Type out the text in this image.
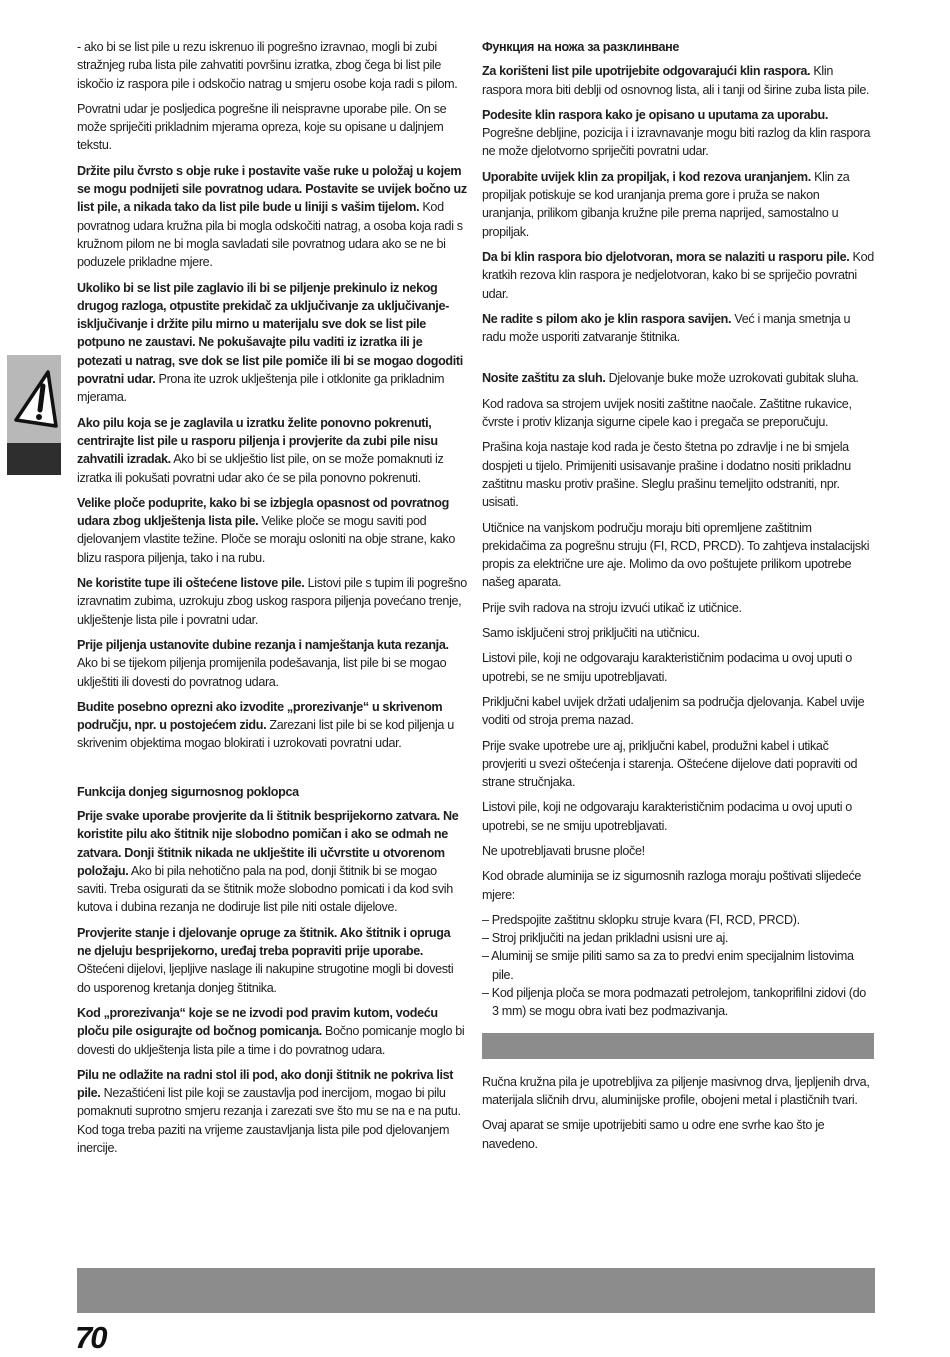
- ako bi se list pile u rezu iskrenuo ili pogrešno izravnao, mogli bi zubi stražnjeg ruba lista pile zahvatiti površinu izratka, zbog čega bi list pile iskočio iz raspora pile i odskočio natrag u smjeru osobe koja radi s pilom.

Povratni udar je posljedica pogrešne ili neispravne uporabe pile. On se može spriječiti prikladnim mjerama opreza, koje su opisane u daljnjem tekstu.

Držite pilu čvrsto s obje ruke i postavite vaše ruke u položaj u kojem se mogu podnijeti sile povratnog udara. Postavite se uvijek bočno uz list pile, a nikada tako da list pile bude u liniji s vašim tijelom. Kod povratnog udara kružna pila bi mogla odskočiti natrag, a osoba koja radi s kružnom pilom ne bi mogla savladati sile povratnog udara ako se ne bi poduzele prikladne mjere.

Ukoliko bi se list pile zaglavio ili bi se piljenje prekinulo iz nekog drugog razloga, otpustite prekidač za uključivanje za uključivanje-isključivanje i držite pilu mirno u materijalu sve dok se list pile potpuno ne zaustavi. Ne pokušavajte pilu vaditi iz izratka ili je potezati u natrag, sve dok se list pile pomiče ili bi se mogao dogoditi povratni udar. Prona ite uzrok uklještenja pile i otklonite ga prikladnim mjerama.

Ako pilu koja se je zaglavila u izratku želite ponovno pokrenuti, centrirajte list pile u rasporu piljenja i provjerite da zubi pile nisu zahvatili izradak. Ako bi se uklještio list pile, on se može pomaknuti iz izratka ili pokušati povratni udar ako će se pila ponovno pokrenuti.

Velike ploče poduprite, kako bi se izbjegla opasnost od povratnog udara zbog uklještenja lista pile. Velike ploče se mogu saviti pod djelovanjem vlastite težine. Ploče se moraju osloniti na obje strane, kako blizu raspora piljenja, tako i na rubu.

Ne koristite tupe ili oštećene listove pile. Listovi pile s tupim ili pogrešno izravnatim zubima, uzrokuju zbog uskog raspora piljenja povećano trenje, uklještenje lista pile i povratni udar.

Prije piljenja ustanovite dubine rezanja i namještanja kuta rezanja. Ako bi se tijekom piljenja promijenila podešavanja, list pile bi se mogao uklještiti ili dovesti do povratnog udara.

Budite posebno oprezni ako izvodite „prorezivanje“ u skrivenom području, npr. u postojećem zidu. Zarezani list pile bi se kod piljenja u skrivenim objektima mogao blokirati i uzrokovati povratni udar.

Funkcija donjeg sigurnosnog poklopca

Prije svake uporabe provjerite da li štitnik besprijekorno zatvara. Ne koristite pilu ako štitnik nije slobodno pomičan i ako se odmah ne zatvara. Donji štitnik nikada ne uklještite ili učvrstite u otvorenom položaju. Ako bi pila nehotično pala na pod, donji štitnik bi se mogao saviti. Treba osigurati da se štitnik može slobodno pomicati i da kod svih kutova i dubina rezanja ne dodiruje list pile niti ostale dijelove.

Provjerite stanje i djelovanje opruge za štitnik. Ako štitnik i opruga ne djeluju besprijekorno, uređaj treba popraviti prije uporabe. Oštećeni dijelovi, ljepljive naslage ili nakupine strugotine mogli bi dovesti do usporenog kretanja donjeg štitnika.

Kod „prorezivanja“ koje se ne izvodi pod pravim kutom, vodeću ploču pile osigurajte od bočnog pomicanja. Bočno pomicanje moglo bi dovesti do uklještenja lista pile a time i do povratnog udara.

Pilu ne odlažite na radni stol ili pod, ako donji štitnik ne pokriva list pile. Nezaštićeni list pile koji se zaustavlja pod inercijom, mogao bi pilu pomaknuti suprotno smjeru rezanja i zarezati sve što mu se na e na putu. Kod toga treba paziti na vrijeme zaustavljanja lista pile pod djelovanjem inercije.

Функция на ножа за разклинване

Za korišteni list pile upotrijebite odgovarajući klin raspora. Klin raspora mora biti deblji od osnovnog lista, ali i tanji od širine zuba lista pile.

Podesite klin raspora kako je opisano u uputama za uporabu. Pogrešne debljine, pozicija i i izravnavanje mogu biti razlog da klin raspora ne može djelotvorno spriječiti povratni udar.

Uporabite uvijek klin za propiljak, i kod rezova uranjanjem. Klin za propiljak potiskuje se kod uranjanja prema gore i pruža se nakon uranjanja, prilikom gibanja kružne pile prema naprijed, samostalno u propiljak.

Da bi klin raspora bio djelotvoran, mora se nalaziti u rasporu pile. Kod kratkih rezova klin raspora je nedjelotvoran, kako bi se spriječio povratni udar.

Ne radite s pilom ako je klin raspora savijen. Već i manja smetnja u radu može usporiti zatvaranje štitnika.

Nosite zaštitu za sluh. Djelovanje buke može uzrokovati gubitak sluha.

Kod radova sa strojem uvijek nositi zaštitne naočale. Zaštitne rukavice, čvrste i protiv klizanja sigurne cipele kao i pregača se preporučuju.

Prašina koja nastaje kod rada je često štetna po zdravlje i ne bi smjela dospjeti u tijelo. Primijeniti usisavanje prašine i dodatno nositi prikladnu zaštitnu masku protiv prašine. Sleglu prašinu temeljito odstraniti, npr. usisati.

Utičnice na vanjskom području moraju biti opremljene zaštitnim prekidačima za pogrešnu struju (FI, RCD, PRCD). To zahtjeva instalacijski propis za električne ure aje. Molimo da ovo poštujete prilikom upotrebe našeg aparata.

Prije svih radova na stroju izvući utikač iz utičnice.

Samo isključeni stroj priključiti na utičnicu.

Listovi pile, koji ne odgovaraju karakterističnim podacima u ovoj uputi o upotrebi, se ne smiju upotrebljavati.

Priključni kabel uvijek držati udaljenim sa područja djelovanja. Kabel uvije voditi od stroja prema nazad.

Prije svake upotrebe ure aj, priključni kabel, produžni kabel i utikač provjeriti u svezi oštećenja i starenja. Oštećene dijelove dati popraviti od strane stručnjaka.

Listovi pile, koji ne odgovaraju karakterističnim podacima u ovoj uputi o upotrebi, se ne smiju upotrebljavati.

Ne upotrebljavati brusne ploče!

Kod obrade aluminija se iz sigurnosnih razloga moraju poštivati slijedeće mjere:

– Predspojite zaštitnu sklopku struje kvara (FI, RCD, PRCD).

– Stroj priključiti na jedan prikladni usisni ure aj.

– Aluminij se smije piliti samo sa za to predvi enim specijalnim listovima pile.

– Kod piljenja ploča se mora podmazati petrolejom, tankoprifilni zidovi (do 3 mm) se mogu obra ivati bez podmazivanja.

Ručna kružna pila je upotrebljiva za piljenje masivnog drva, ljepljenih drva, materijala sličnih drvu, aluminijske profile, obojeni metal i plastičnih tvari.

Ovaj aparat se smije upotrijebiti samo u odre ene svrhe kao što je navedeno.

70
